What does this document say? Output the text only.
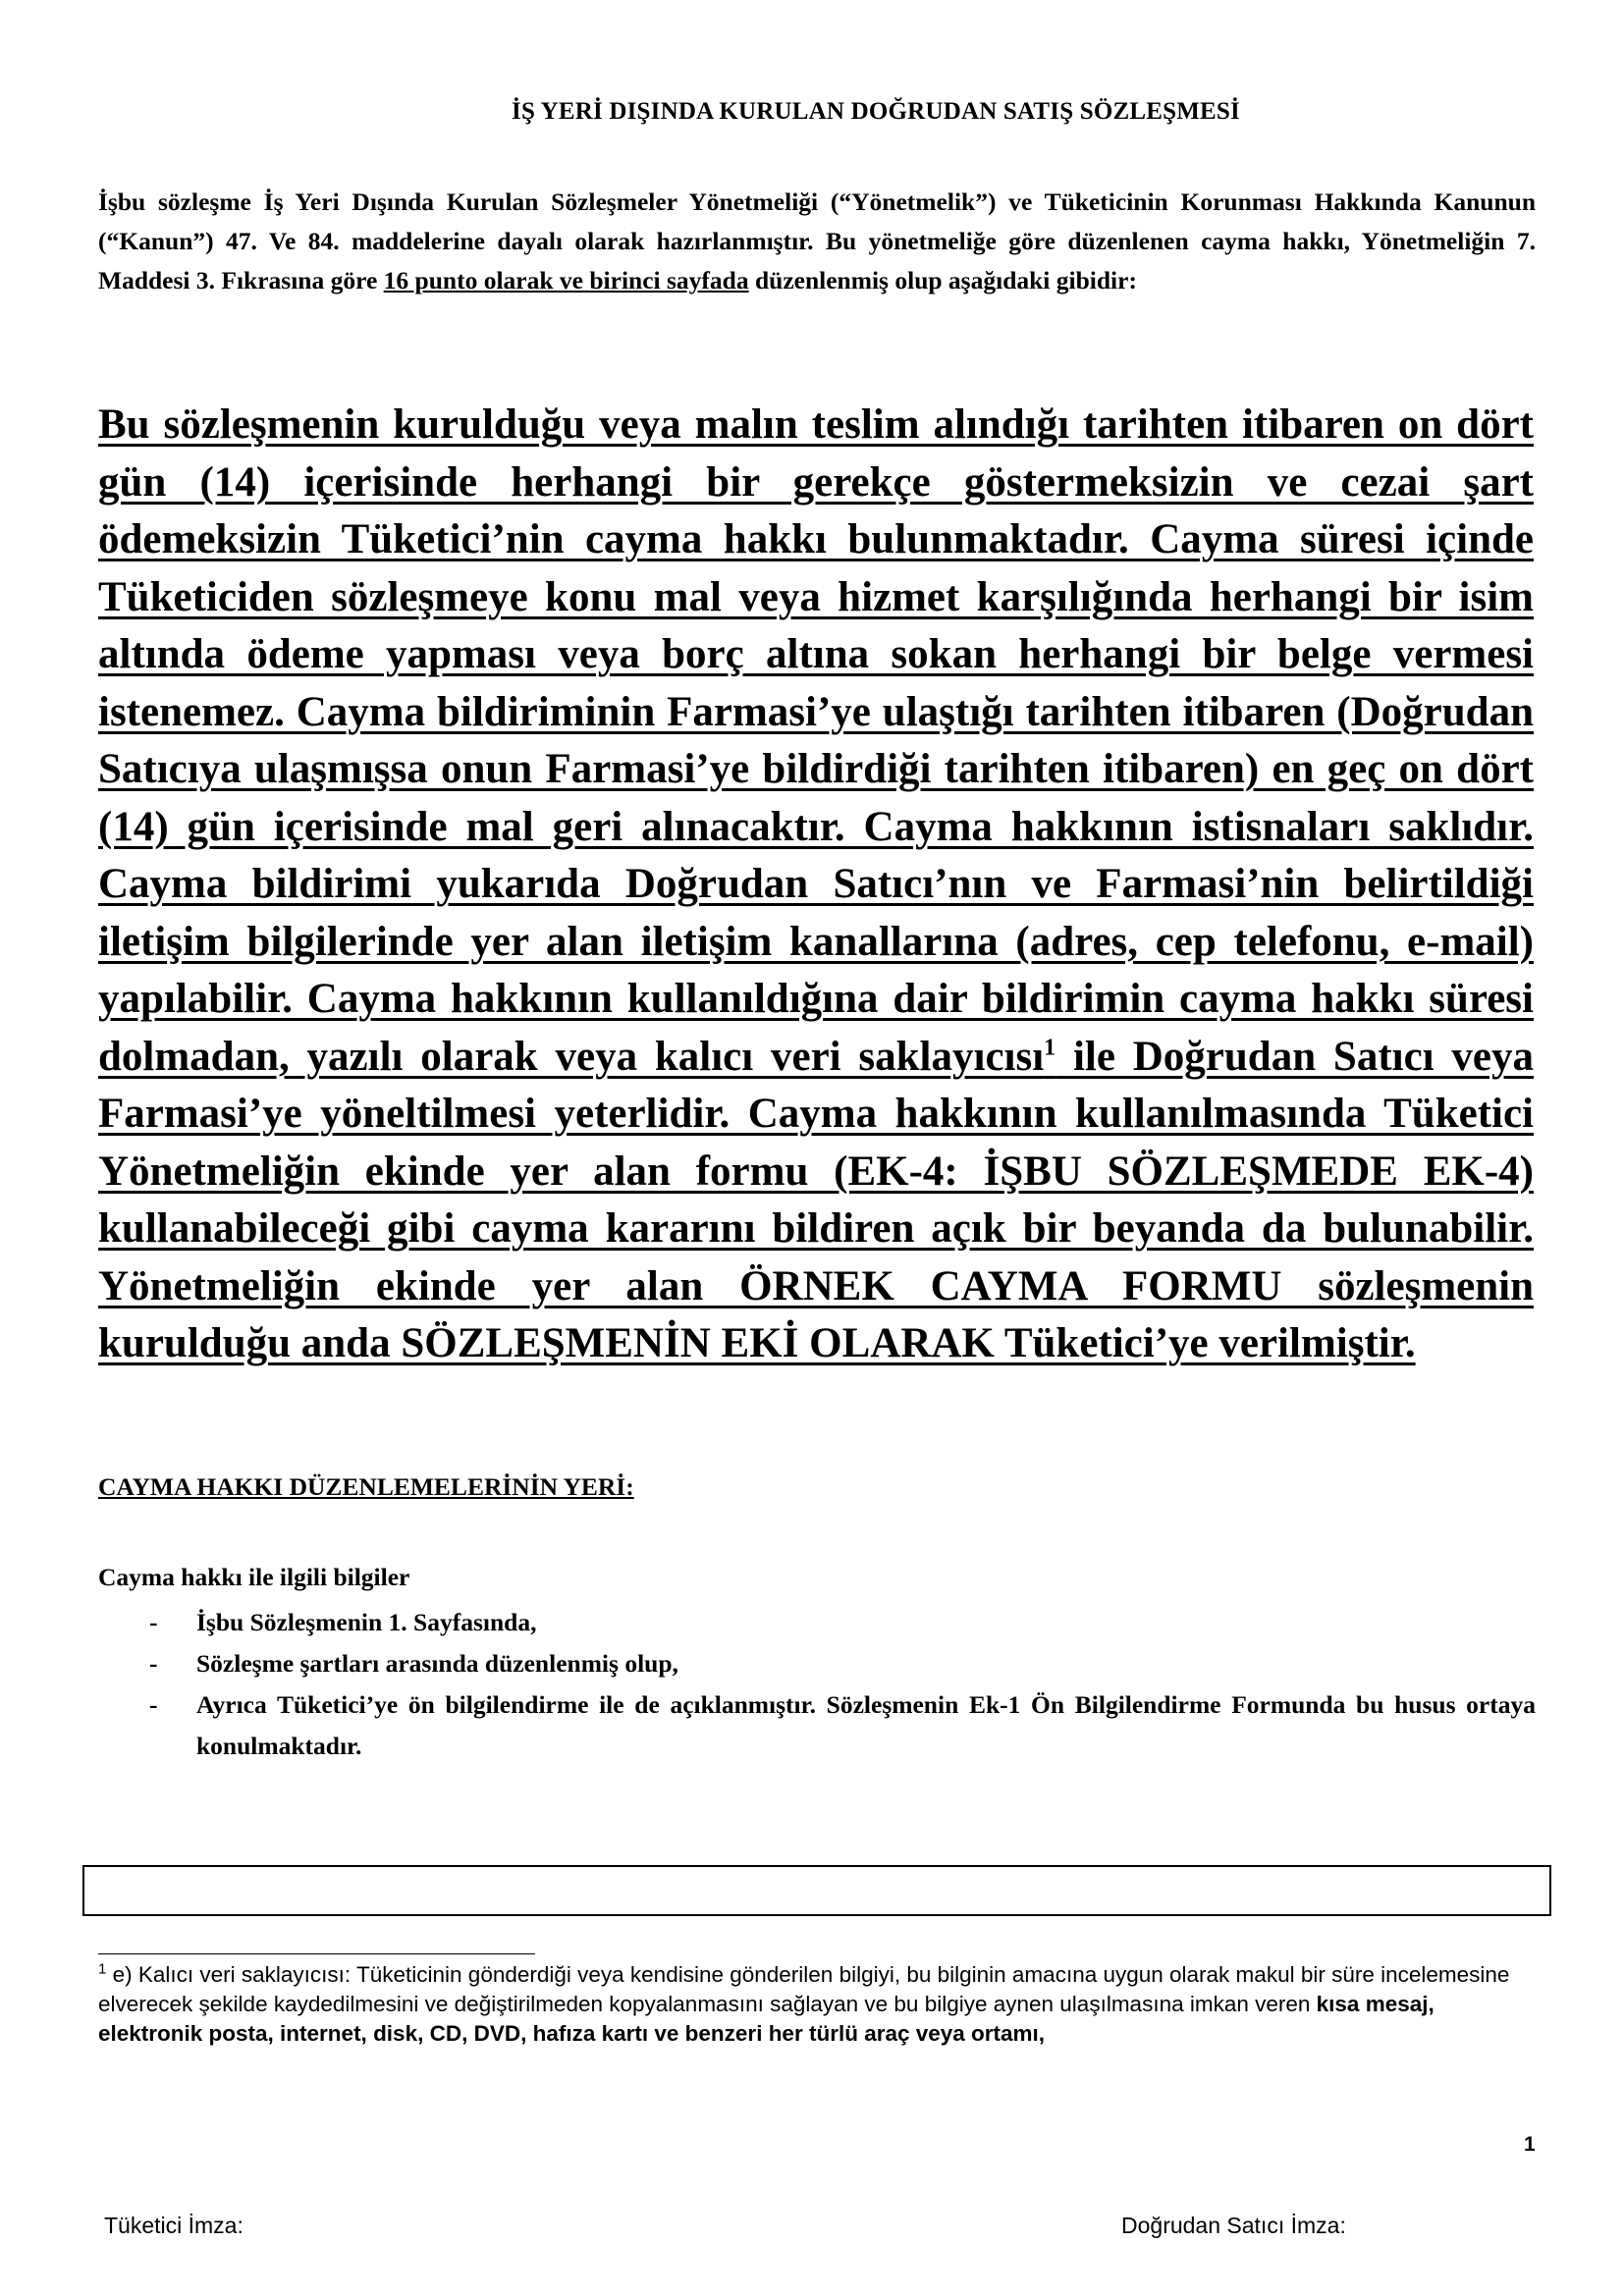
İŞ YERİ DIŞINDA KURULAN DOĞRUDAN SATIŞ SÖZLEŞMESİ
İşbu sözleşme İş Yeri Dışında Kurulan Sözleşmeler Yönetmeliği (“Yönetmelik”) ve Tüketicinin Korunması Hakkında Kanunun (“Kanun”) 47. Ve 84. maddelerine dayalı olarak hazırlanmıştır. Bu yönetmeliğe göre düzenlenen cayma hakkı, Yönetmeliğin 7. Maddesi 3. Fıkrasına göre 16 punto olarak ve birinci sayfada düzenlenmiş olup aşağıdaki gibidir:
Bu sözleşmenin kurulduğu veya malın teslim alındığı tarihten itibaren on dört gün (14) içerisinde herhangi bir gerekçe göstermeksizin ve cezai şart ödemeksizin Tüketici’nin cayma hakkı bulunmaktadır. Cayma süresi içinde Tüketiciden sözleşmeye konu mal veya hizmet karşılığında herhangi bir isim altında ödeme yapması veya borç altına sokan herhangi bir belge vermesi istenemez. Cayma bildiriminin Farmasi’ye ulaştığı tarihten itibaren (Doğrudan Satıcıya ulaşmışsa onun Farmasi’ye bildirdiği tarihten itibaren) en geç on dört (14) gün içerisinde mal geri alınacaktır. Cayma hakkının istisnaları saklıdır. Cayma bildirimi yukarıda Doğrudan Satıcı’nın ve Farmasi’nin belirtildiği iletişim bilgilerinde yer alan iletişim kanallarına (adres, cep telefonu, e-mail) yapılabilir. Cayma hakkının kullanıldığına dair bildirimin cayma hakkı süresi dolmadan, yazılı olarak veya kalıcı veri saklayıcısı$^1$ ile Doğrudan Satıcı veya Farmasi’ye yöneltilmesi yeterlidir. Cayma hakkının kullanılmasında Tüketici Yönetmeliğin ekinde yer alan formu (EK-4: İŞBU SÖZLEŞMEDE EK-4) kullanabileceği gibi cayma kararını bildiren açık bir beyanda da bulunabilir. Yönetmeliğin ekinde yer alan ÖRNEK CAYMA FORMU sözleşmenin kurulduğu anda SÖZLEŞMENİN EKİ OLARAK Tüketici’ye verilmiştir.
CAYMA HAKKI DÜZENLEMELERİNİN YERİ:
Cayma hakkı ile ilgili bilgiler
- İşbu Sözleşmenin 1. Sayfasında,
- Sözleşme şartları arasında düzenlenmiş olup,
- Ayrıca Tüketici’ye ön bilgilendirme ile de açıklanmıştır. Sözleşmenin Ek-1 Ön Bilgilendirme Formunda bu husus ortaya konulmaktadır.
$^1$ e) Kalıcı veri saklayıcısı: Tüketicinin gönderdiği veya kendisine gönderilen bilgiyi, bu bilginin amacına uygun olarak makul bir süre incelemesine elverecek şekilde kaydedilmesini ve değiştirilmeden kopyalanmasını sağlayan ve bu bilgiye aynen ulaşılmasına imkan veren kısa mesaj, elektronik posta, internet, disk, CD, DVD, hafıza kartı ve benzeri her türlü araç veya ortamı,
1
Tüketici İmza:	Doğrudan Satıcı İmza:
